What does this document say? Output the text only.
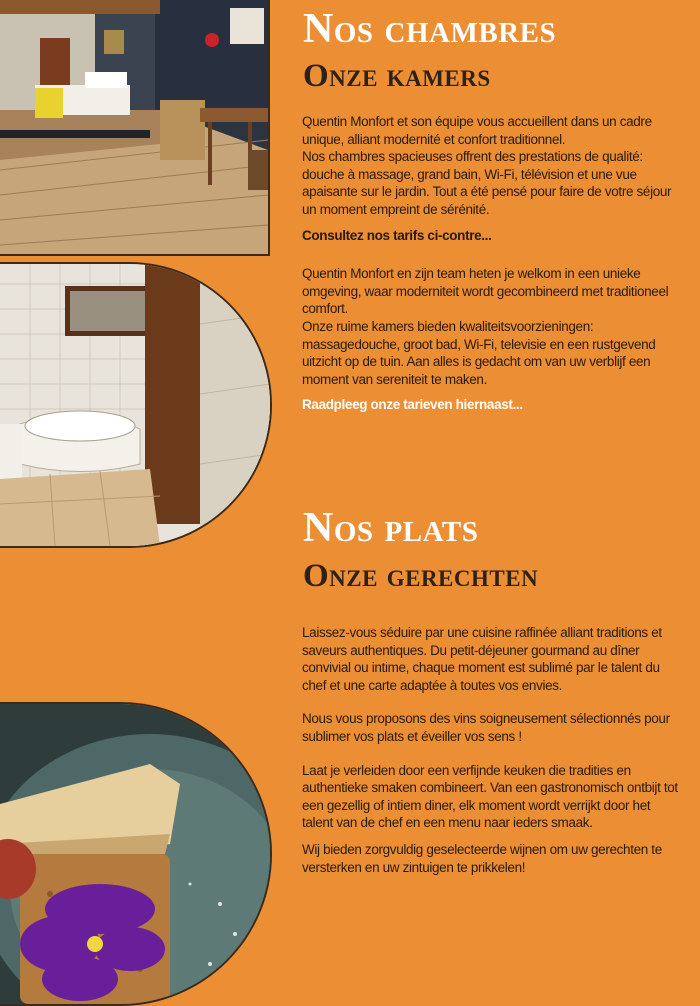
Nos chambres
Onze kamers

Quentin Monfort et son équipe vous accueillent dans un cadre unique, alliant modernité et confort traditionnel.

Nos chambres spacieuses offrent des prestations de qualité: douche à massage, grand bain, Wi-Fi, télévision et une vue apaisante sur le jardin. Tout a été pensé pour faire de votre séjour un moment empreint de sérénité.

Consultez nos tarifs ci-contre...

Quentin Monfort en zijn team heten je welkom in een unieke omgeving, waar moderniteit wordt gecombineerd met traditioneel comfort.

Onze ruime kamers bieden kwaliteitsvoorzieningen: massagedouche, groot bad, Wi-Fi, televisie en een rustgevend uitzicht op de tuin. Aan alles is gedacht om van uw verblijf een moment van sereniteit te maken.

Raadpleeg onze tarieven hiernaast...

Nos plats
Onze gerechten

Laissez-vous séduire par une cuisine raffinée alliant traditions et saveurs authentiques. Du petit-déjeuner gourmand au dîner convivial ou intime, chaque moment est sublimé par le talent du chef et une carte adaptée à toutes vos envies.

Nous vous proposons des vins soigneusement sélectionnés pour sublimer vos plats et éveiller vos sens !

Laat je verleiden door een verfijnde keuken die tradities en authentieke smaken combineert. Van een gastronomisch ontbijt tot een gezellig of intiem diner, elk moment wordt verrijkt door het talent van de chef en een menu naar ieders smaak.

Wij bieden zorgvuldig geselecteerde wijnen om uw gerechten te versterken en uw zintuigen te prikkelen!
